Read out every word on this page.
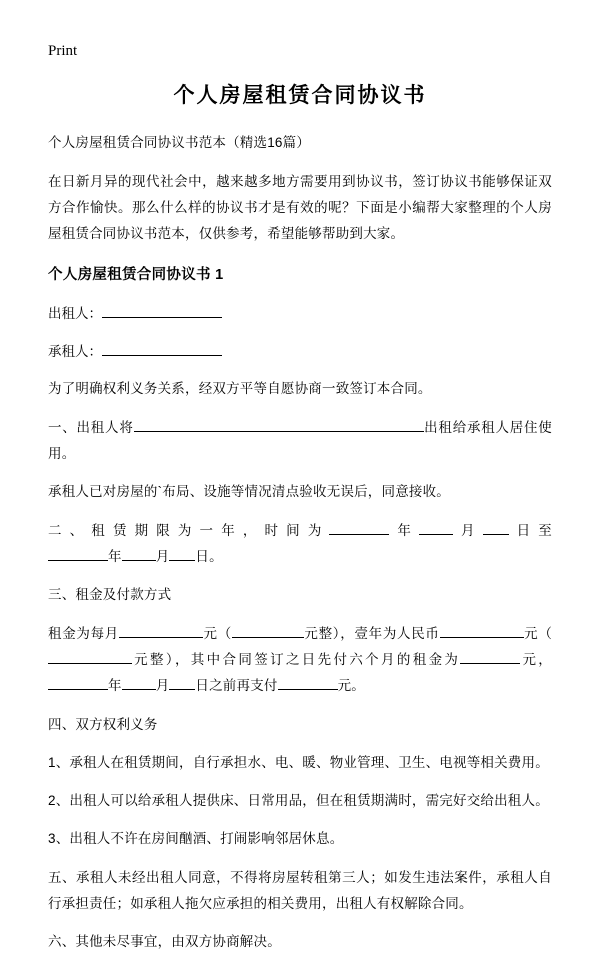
Print
个人房屋租赁合同协议书

个人房屋租赁合同协议书范本（精选16篇）

在日新月异的现代社会中，越来越多地方需要用到协议书，签订协议书能够保证双方合作愉快。那么什么样的协议书才是有效的呢？下面是小编帮大家整理的个人房屋租赁合同协议书范本，仅供参考，希望能够帮助到大家。

个人房屋租赁合同协议书 1
出租人：
承租人：

为了明确权利义务关系，经双方平等自愿协商一致签订本合同。

一、出租人将	出租给承租人居住使用。

承租人已对房屋的`布局、设施等情况清点验收无误后，同意接收。

二、租赁期限为一年，时间为	年	月 日至年	月 日。

三、租金及付款方式

租金为每月	元（	元整），壹年为人民币	元（元整），其中合同签订之日先付六个月的租金为	元，年	月 日之前再支付	元。

四、双方权利义务

1、承租人在租赁期间，自行承担水、电、暖、物业管理、卫生、电视等相关费用。

2、出租人可以给承租人提供床、日常用品，但在租赁期满时，需完好交给出租人。

3、出租人不许在房间酗酒、打闹影响邻居休息。

五、承租人未经出租人同意，不得将房屋转租第三人；如发生违法案件，承租人自行承担责任；如承租人拖欠应承担的相关费用，出租人有权解除合同。

六、其他未尽事宜，由双方协商解决。
